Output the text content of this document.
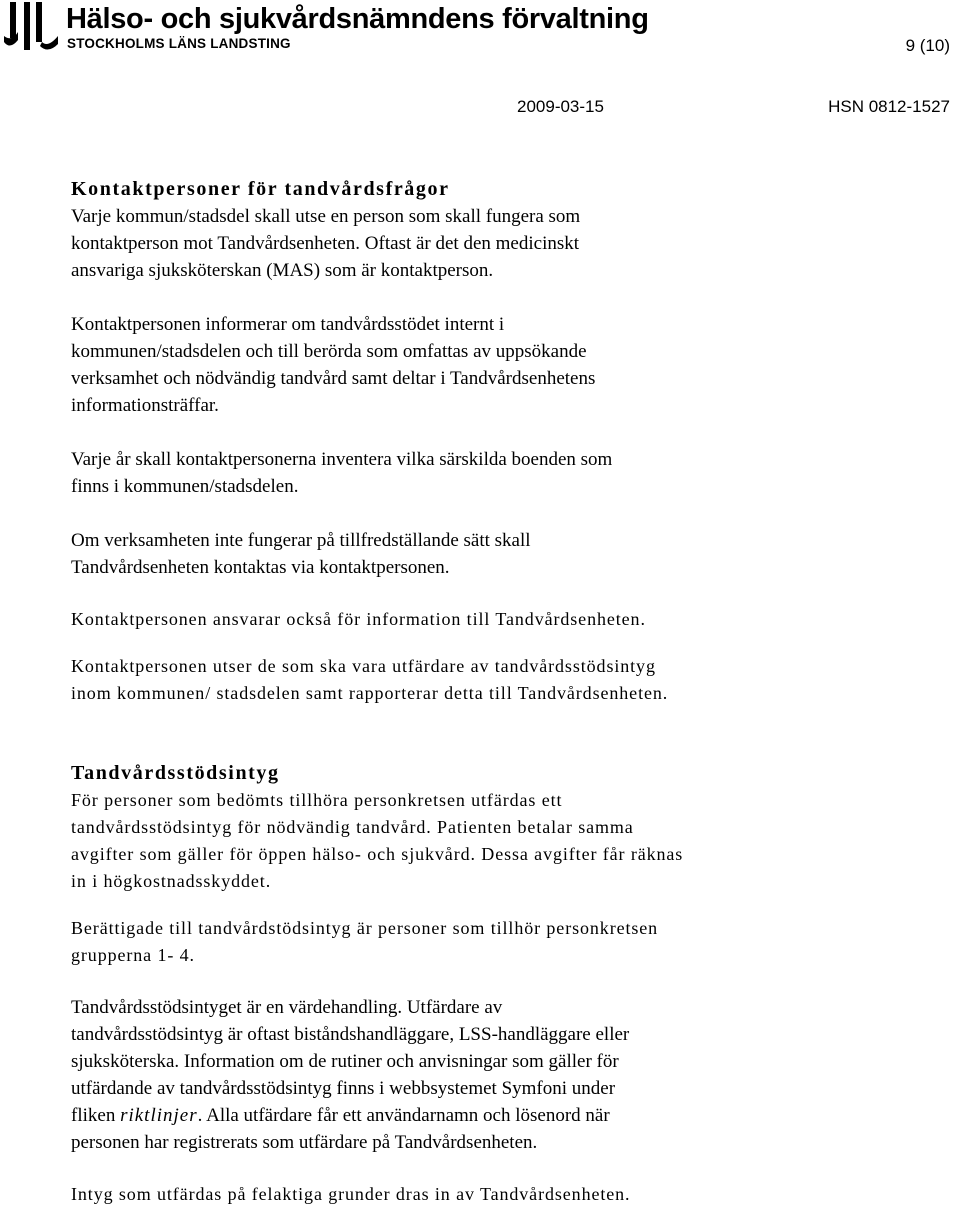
Hälso- och sjukvårdsnämndens förvaltning
STOCKHOLMS LÄNS LANDSTING	9 (10)
2009-03-15	HSN 0812-1527
Kontaktpersoner för tandvårdsfrågor

Varje kommun/stadsdel skall utse en person som skall fungera som
kontaktperson mot Tandvårdsenheten. Oftast är det den medicinskt
ansvariga sjuksköterskan (MAS) som är kontaktperson.

Kontaktpersonen informerar om tandvårdsstödet internt i
kommunen/stadsdelen och till berörda som omfattas av uppsökande
verksamhet och nödvändig tandvård samt deltar i Tandvårdsenhetens
informationsträffar.

Varje år skall kontaktpersonerna inventera vilka särskilda boenden som
finns i kommunen/stadsdelen.

Om verksamheten inte fungerar på tillfredställande sätt skall
Tandvårdsenheten kontaktas via kontaktpersonen.

Kontaktpersonen ansvarar också för information till Tandvårdsenheten.

Kontaktpersonen utser de som ska vara utfärdare av tandvårdsstödsintyg
inom kommunen/ stadsdelen samt rapporterar detta till Tandvårdsenheten.

Tandvårdsstödsintyg

För personer som bedömts tillhöra personkretsen utfärdas ett
tandvårdsstödsintyg för nödvändig tandvård. Patienten betalar samma
avgifter som gäller för öppen hälso- och sjukvård. Dessa avgifter får räknas
in i högkostnadsskyddet.

Berättigade till tandvårdstödsintyg är personer som tillhör personkretsen
grupperna 1- 4.

Tandvårdsstödsintyget är en värdehandling. Utfärdare av
tandvårdsstödsintyg är oftast biståndshandläggare, LSS-handläggare eller
sjuksköterska. Information om de rutiner och anvisningar som gäller för
utfärdande av tandvårdsstödsintyg finns i webbsystemet Symfoni under
fliken riktlinjer. Alla utfärdare får ett användarnamn och lösenord när
personen har registrerats som utfärdare på Tandvårdsenheten.

Intyg som utfärdas på felaktiga grunder dras in av Tandvårdsenheten.
